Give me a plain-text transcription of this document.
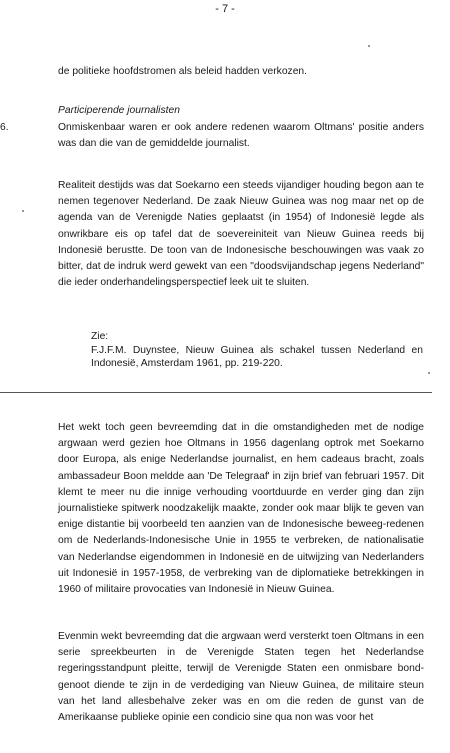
- 7 -

de politieke hoofdstromen als beleid hadden verkozen.

Participerende journalisten
6.	Onmiskenbaar waren er ook andere redenen waarom Oltmans' positie anders was dan die van de gemiddelde journalist.

Realiteit destijds was dat Soekarno een steeds vijandiger houding begon aan te nemen tegenover Nederland. De zaak Nieuw Guinea was nog maar net op de agenda van de Verenigde Naties geplaatst (in 1954) of Indonesië legde als onwrikbare eis op tafel dat de soevereiniteit van Nieuw Guinea reeds bij Indonesië berustte. De toon van de Indonesische beschouwingen was vaak zo bitter, dat de indruk werd gewekt van een "doodsvijandschap jegens Nederland" die ieder onderhandelingsperspectief leek uit te sluiten.

Zie:
F.J.F.M. Duynstee, Nieuw Guinea als schakel tussen Nederland en Indonesië, Amsterdam 1961, pp. 219-220.

Het wekt toch geen bevreemding dat in die omstandigheden met de nodige argwaan werd gezien hoe Oltmans in 1956 dagenlang optrok met Soekarno door Europa, als enige Nederlandse journalist, en hem cadeaus bracht, zoals ambassadeur Boon meldde aan 'De Telegraaf' in zijn brief van februari 1957. Dit klemt te meer nu die innige verhouding voortduurde en verder ging dan zijn journalistieke spitwerk noodzakelijk maakte, zonder ook maar blijk te geven van enige distantie bij voorbeeld ten aanzien van de Indonesische beweeg-redenen om de Nederlands-Indonesische Unie in 1955 te verbreken, de nationalisatie van Nederlandse eigendommen in Indonesië en de uitwijzing van Nederlanders uit Indonesië in 1957-1958, de verbreking van de diplomatieke betrekkingen in 1960 of militaire provocaties van Indonesië in Nieuw Guinea.

Evenmin wekt bevreemding dat die argwaan werd versterkt toen Oltmans in een serie spreekbeurten in de Verenigde Staten tegen het Nederlandse regeringsstandpunt pleitte, terwijl de Verenigde Staten een onmisbare bond-genoot diende te zijn in de verdediging van Nieuw Guinea, de militaire steun van het land allesbehalve zeker was en om die reden de gunst van de Amerikaanse publieke opinie een condicio sine qua non was voor het
